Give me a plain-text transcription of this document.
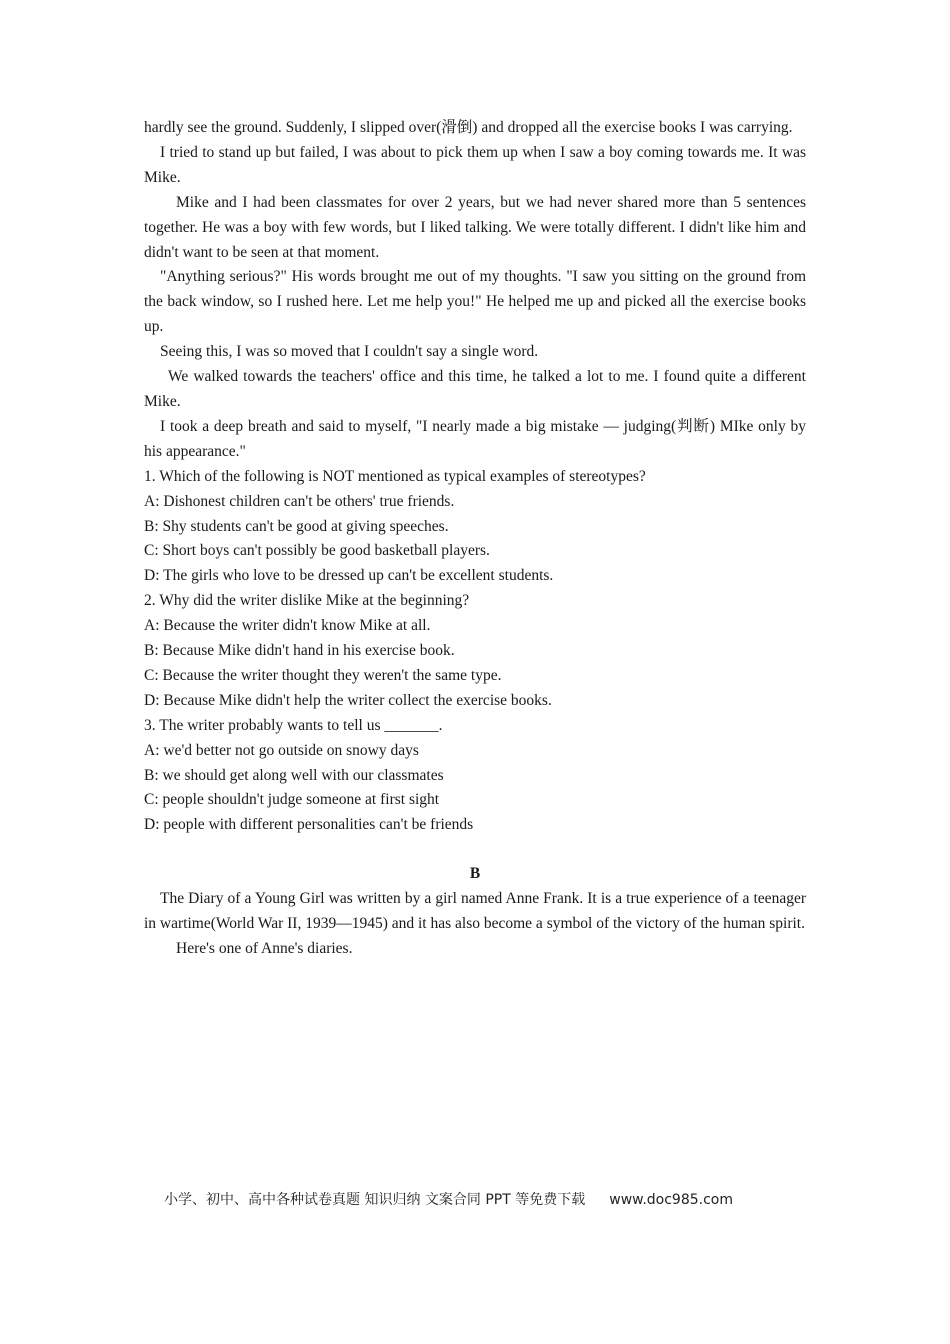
hardly see the ground. Suddenly, I slipped over(滑倒) and dropped all the exercise books I was carrying.

I tried to stand up but failed, I was about to pick them up when I saw a boy coming towards me. It was Mike.

Mike and I had been classmates for over 2 years, but we had never shared more than 5 sentences together. He was a boy with few words, but I liked talking. We were totally different. I didn't like him and didn't want to be seen at that moment.

"Anything serious?" His words brought me out of my thoughts. "I saw you sitting on the ground from the back window, so I rushed here. Let me help you!" He helped me up and picked all the exercise books up.

Seeing this, I was so moved that I couldn't say a single word.

We walked towards the teachers' office and this time, he talked a lot to me. I found quite a different Mike.

I took a deep breath and said to myself, "I nearly made a big mistake — judging(判断) MIke only by his appearance."

1. Which of the following is NOT mentioned as typical examples of stereotypes?

A: Dishonest children can't be others' true friends.

B: Shy students can't be good at giving speeches.

C: Short boys can't possibly be good basketball players.

D: The girls who love to be dressed up can't be excellent students.

2. Why did the writer dislike Mike at the beginning?

A: Because the writer didn't know Mike at all.

B: Because Mike didn't hand in his exercise book.

C: Because the writer thought they weren't the same type.

D: Because Mike didn't help the writer collect the exercise books.

3. The writer probably wants to tell us _______.

A: we'd better not go outside on snowy days

B: we should get along well with our classmates

C: people shouldn't judge someone at first sight

D: people with different personalities can't be friends

B

The Diary of a Young Girl was written by a girl named Anne Frank. It is a true experience of a teenager in wartime(World War II, 1939—1945) and it has also become a symbol of the victory of the human spirit.

Here's one of Anne's diaries.

小学、初中、高中各种试卷真题 知识归纳 文案合同 PPT 等免费下载 www.doc985.com
